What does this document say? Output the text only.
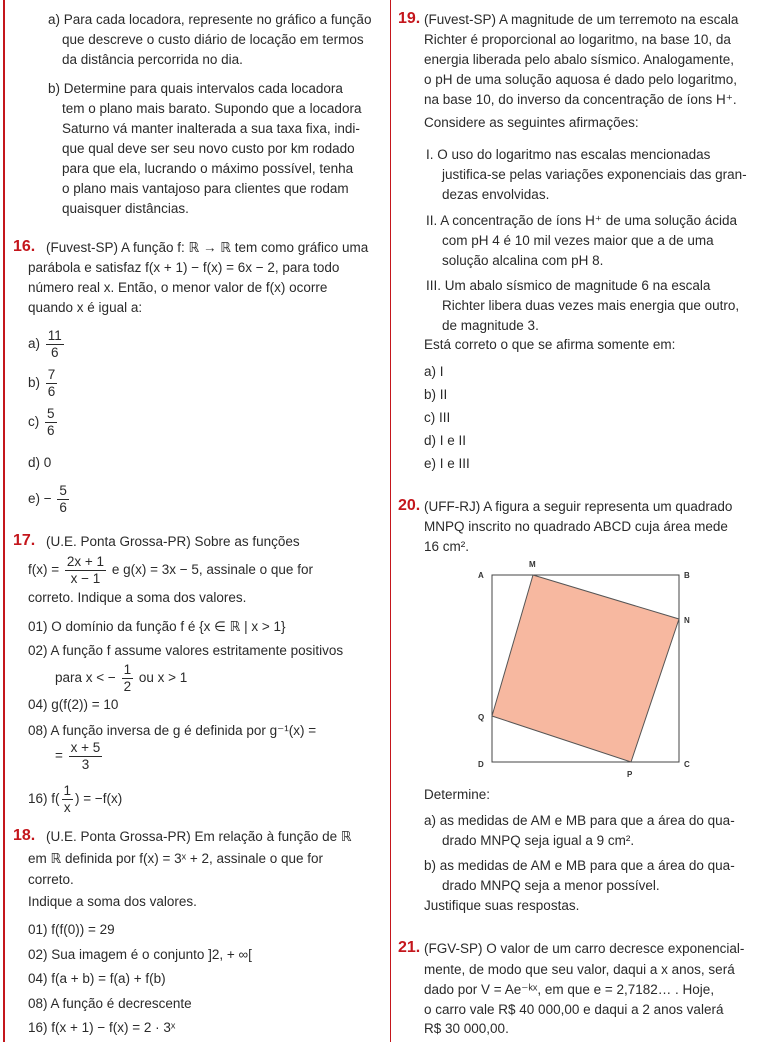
a) Para cada locadora, represente no gráfico a função
que descreve o custo diário de locação em termos
da distância percorrida no dia.
b) Determine para quais intervalos cada locadora
tem o plano mais barato. Supondo que a locadora
Saturno vá manter inalterada a sua taxa fixa, indi-
que qual deve ser seu novo custo por km rodado
para que ela, lucrando o máximo possível, tenha
o plano mais vantajoso para clientes que rodam
quaisquer distâncias.
16. (Fuvest-SP) A função f: ℝ → ℝ tem como gráfico uma
parábola e satisfaz f(x + 1) − f(x) = 6x − 2, para todo
número real x. Então, o menor valor de f(x) ocorre
quando x é igual a:
$a) \frac{11}{6}$
$b) \frac{7}{6}$
$c) \frac{5}{6}$
d) 0
$e) - \frac{5}{6}$
17. (U.E. Ponta Grossa-PR) Sobre as funções
$f(x) = \frac{2x + 1}{x - 1}$ e g(x) = 3x − 5, assinale o que for
correto. Indique a soma dos valores.
01) O domínio da função f é {x ∈ ℝ | x > 1}
02) A função f assume valores estritamente positivos
para x < − $\frac{1}{2}$ ou x > 1
04) g(f(2)) = 10
08) A função inversa de g é definida por g⁻¹(x) =
= $\frac{x + 5}{3}$
16) $f( \frac{1}{x}$ ) = −f(x)
18. (U.E. Ponta Grossa-PR) Em relação à função de ℝ
em ℝ definida por f(x) = 3ˣ + 2, assinale o que for
correto.
Indique a soma dos valores.
01) f(f(0)) = 29
02) Sua imagem é o conjunto ]2, + ∞[
04) f(a + b) = f(a) + f(b)
08) A função é decrescente
16) f(x + 1) − f(x) = 2 · 3ˣ
19. (Fuvest-SP) A magnitude de um terremoto na escala
Richter é proporcional ao logaritmo, na base 10, da
energia liberada pelo abalo sísmico. Analogamente,
o pH de uma solução aquosa é dado pelo logaritmo,
na base 10, do inverso da concentração de íons H⁺.
Considere as seguintes afirmações:
I. O uso do logaritmo nas escalas mencionadas
justifica-se pelas variações exponenciais das gran-
dezas envolvidas.
II. A concentração de íons H⁺ de uma solução ácida
com pH 4 é 10 mil vezes maior que a de uma
solução alcalina com pH 8.
III. Um abalo sísmico de magnitude 6 na escala
Richter libera duas vezes mais energia que outro,
de magnitude 3.
Está correto o que se afirma somente em:
a) I
b) II
c) III
d) I e II
e) I e III
20. (UFF-RJ) A figura a seguir representa um quadrado
MNPQ inscrito no quadrado ABCD cuja área mede
16 cm².
A	B
C
D
M
N
P
Q
Determine:
a) as medidas de AM e MB para que a área do qua-
drado MNPQ seja igual a 9 cm².
b) as medidas de AM e MB para que a área do qua-
drado MNPQ seja a menor possível.
Justifique suas respostas.
21. (FGV-SP) O valor de um carro decresce exponencial-
mente, de modo que seu valor, daqui a x anos, será
dado por V = Ae⁻ᵏˣ, em que e = 2,7182… . Hoje,
o carro vale R$ 40 000,00 e daqui a 2 anos valerá
R$ 30 000,00.
